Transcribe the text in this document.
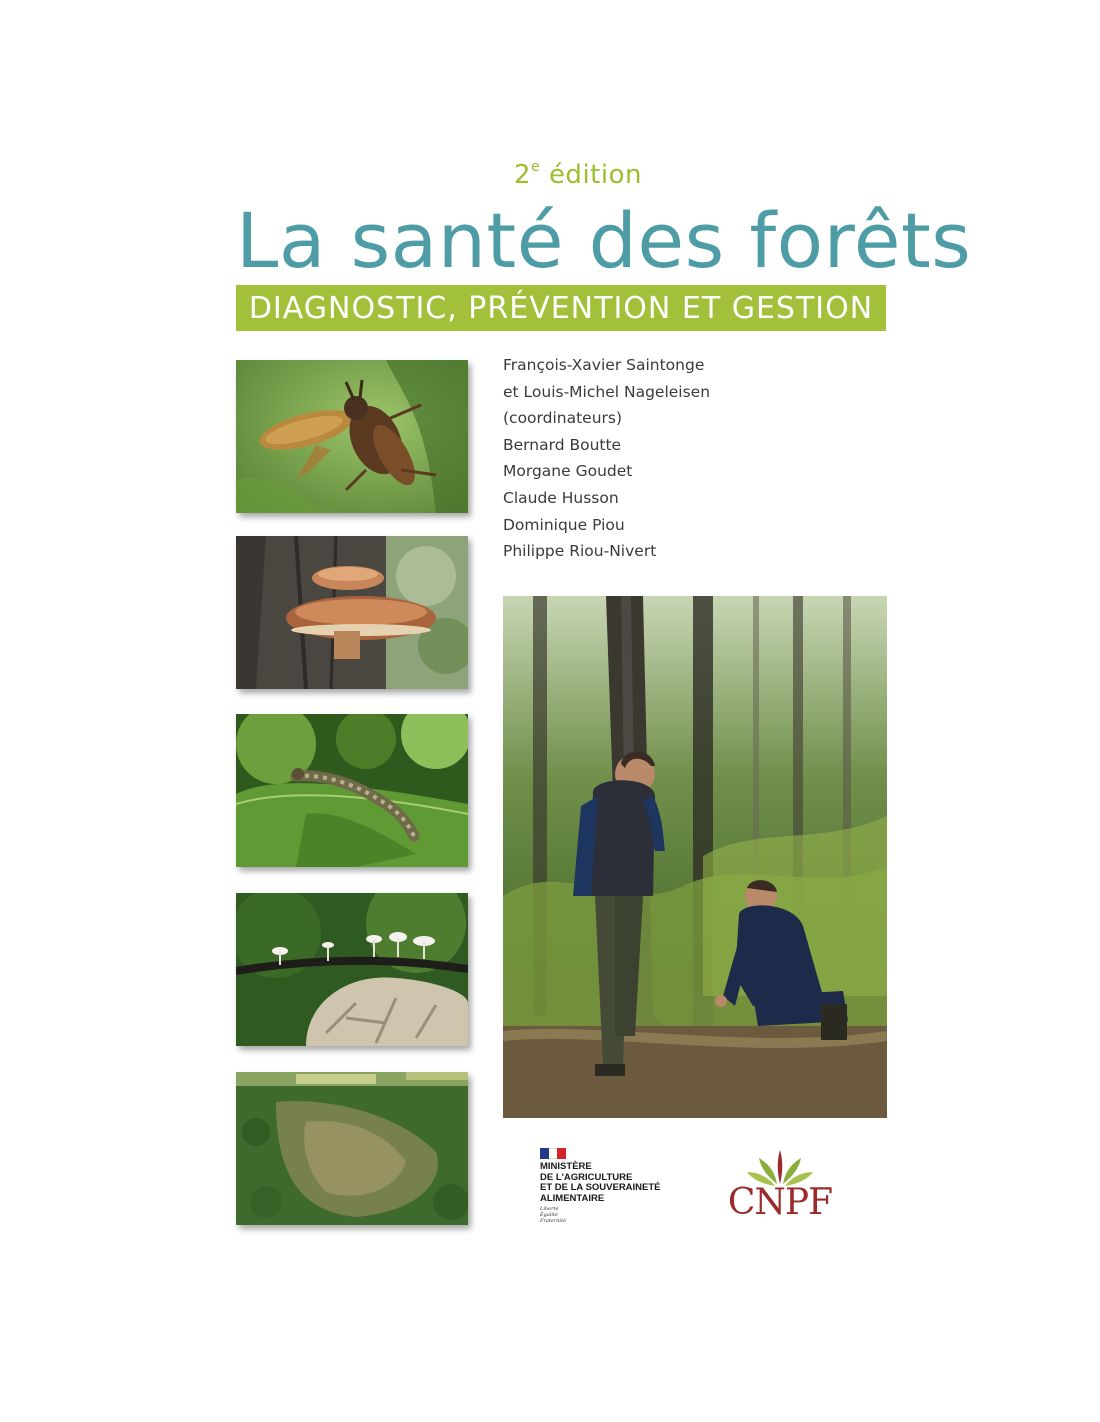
2e édition
La santé des forêts
DIAGNOSTIC, PRÉVENTION ET GESTION
François-Xavier Saintonge
et Louis-Michel Nageleisen
(coordinateurs)
Bernard Boutte
Morgane Goudet
Claude Husson
Dominique Piou
Philippe Riou-Nivert
MINISTÈRE
DE L'AGRICULTURE
ET DE LA SOUVERAINETÉ
ALIMENTAIRE
Liberté
Égalité
Fraternité	CNPF
